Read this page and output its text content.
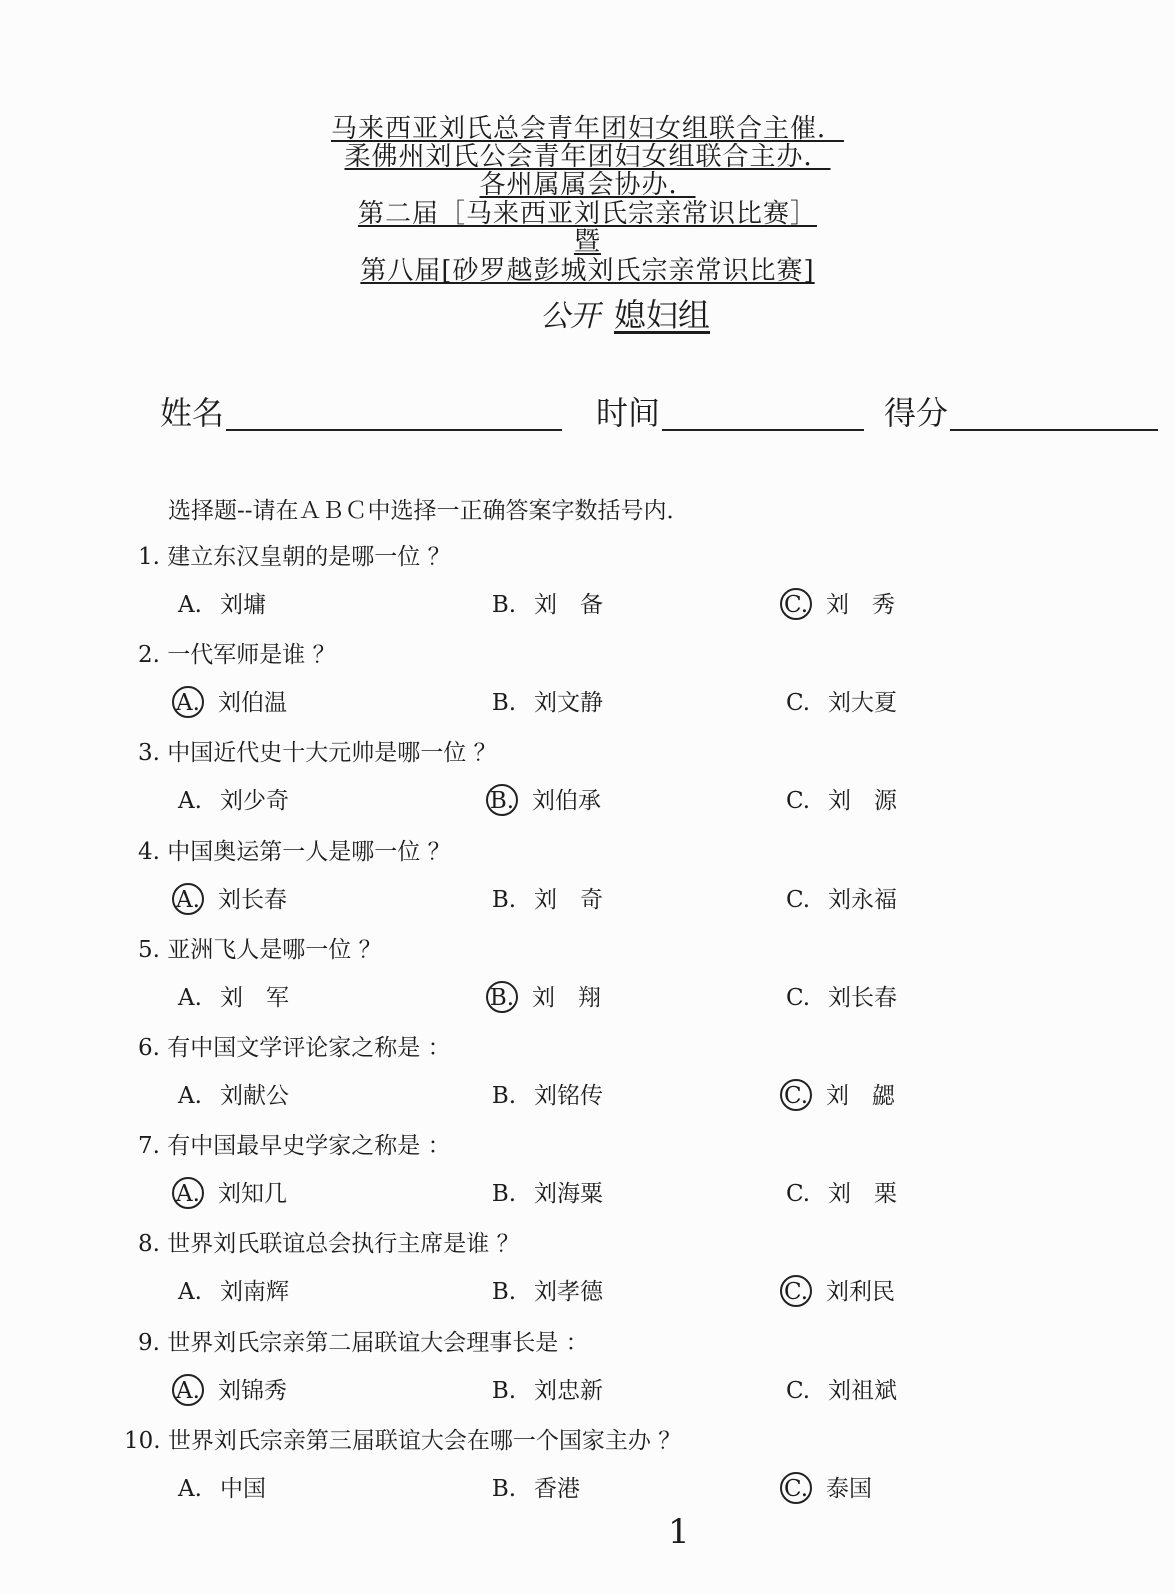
马来西亚刘氏总会青年团妇女组联合主催．
柔佛州刘氏公会青年团妇女组联合主办．
各州属属会协办．
第二届［马来西亚刘氏宗亲常识比赛］
暨
第八届[砂罗越彭城刘氏宗亲常识比赛]
公开 媳妇组
姓名	时间	得分
选择题--请在ＡＢＣ中选择一正确答案字数括号内．
1. 建立东汉皇朝的是哪一位 ？
A. 刘墉	B. 刘　备	C. 刘　秀
2. 一代军师是谁 ？
A. 刘伯温	B. 刘文静	C. 刘大夏
3. 中国近代史十大元帅是哪一位 ？
A. 刘少奇	B. 刘伯承	C. 刘　源
4. 中国奥运第一人是哪一位 ？
A. 刘长春	B. 刘　奇	C. 刘永福
5. 亚洲飞人是哪一位 ？
A. 刘　军	B. 刘　翔	C. 刘长春
6. 有中国文学评论家之称是 ：
A. 刘献公	B. 刘铭传	C. 刘　勰
7. 有中国最早史学家之称是 ：
A. 刘知几	B. 刘海粟	C. 刘　栗
8. 世界刘氏联谊总会执行主席是谁 ？
A. 刘南辉	B. 刘孝德	C. 刘利民
9. 世界刘氏宗亲第二届联谊大会理事长是 ：
A. 刘锦秀	B. 刘忠新	C. 刘祖斌
10. 世界刘氏宗亲第三届联谊大会在哪一个国家主办 ？
A. 中国	B. 香港	C. 泰国
1
